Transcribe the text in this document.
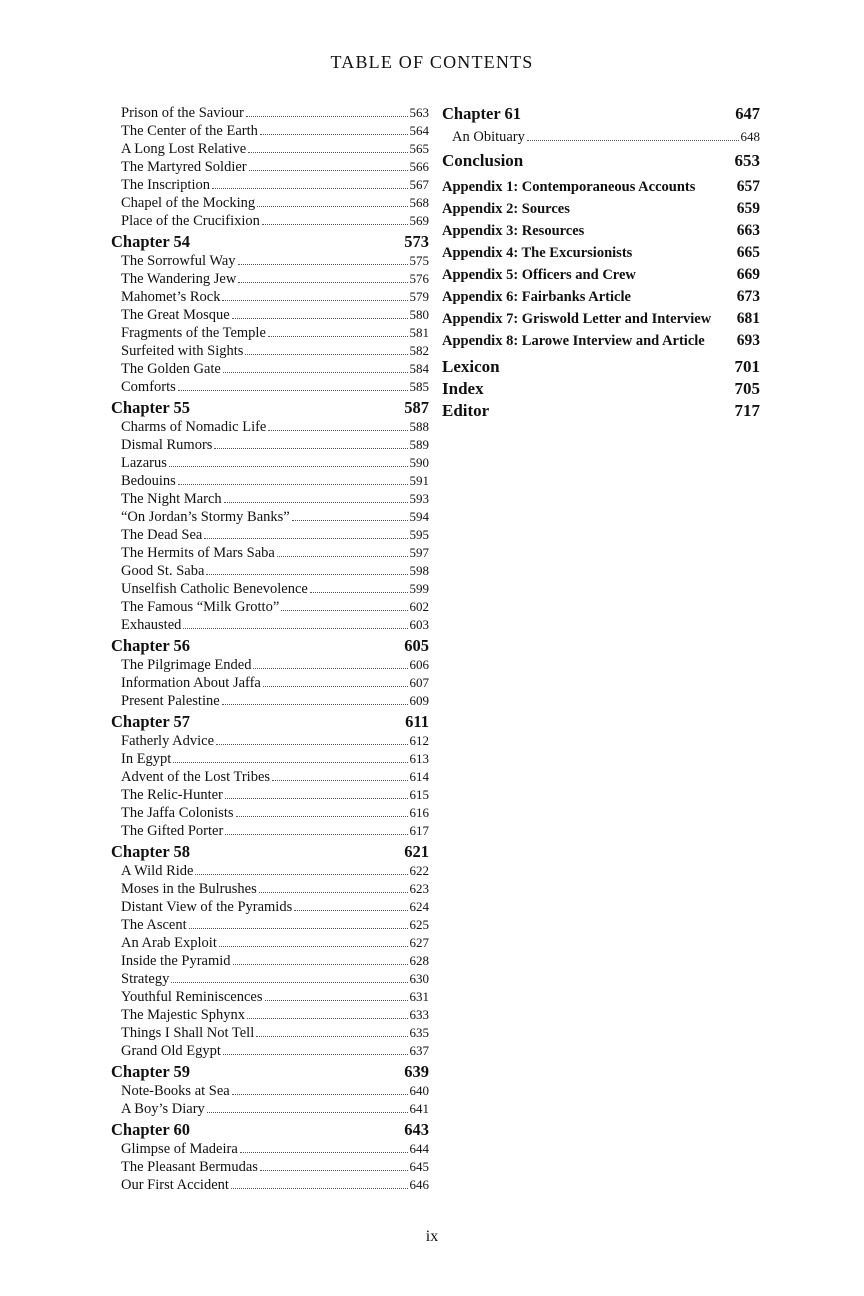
TABLE OF CONTENTS
Prison of the Saviour	563
The Center of the Earth	564
A Long Lost Relative	565
The Martyred Soldier	566
The Inscription	567
Chapel of the Mocking	568
Place of the Crucifixion	569
Chapter 54	573
The Sorrowful Way	575
The Wandering Jew	576
Mahomet’s Rock	579
The Great Mosque	580
Fragments of the Temple	581
Surfeited with Sights	582
The Golden Gate	584
Comforts	585
Chapter 55	587
Charms of Nomadic Life	588
Dismal Rumors	589
Lazarus	590
Bedouins	591
The Night March	593
“On Jordan’s Stormy Banks”	594
The Dead Sea	595
The Hermits of Mars Saba	597
Good St. Saba	598
Unselfish Catholic Benevolence	599
The Famous “Milk Grotto”	602
Exhausted	603
Chapter 56	605
The Pilgrimage Ended	606
Information About Jaffa	607
Present Palestine	609
Chapter 57	611
Fatherly Advice	612
In Egypt	613
Advent of the Lost Tribes	614
The Relic-Hunter	615
The Jaffa Colonists	616
The Gifted Porter	617
Chapter 58	621
A Wild Ride	622
Moses in the Bulrushes	623
Distant View of the Pyramids	624
The Ascent	625
An Arab Exploit	627
Inside the Pyramid	628
Strategy	630
Youthful Reminiscences	631
The Majestic Sphynx	633
Things I Shall Not Tell	635
Grand Old Egypt	637
Chapter 59	639
Note-Books at Sea	640
A Boy’s Diary	641
Chapter 60	643
Glimpse of Madeira	644
The Pleasant Bermudas	645
Our First Accident	646
Chapter 61	647
An Obituary	648
Conclusion	653
Appendix 1: Contemporaneous Accounts	657
Appendix 2: Sources	659
Appendix 3: Resources	663
Appendix 4: The Excursionists	665
Appendix 5: Officers and Crew	669
Appendix 6: Fairbanks Article	673
Appendix 7: Griswold Letter and Interview 681
Appendix 8: Larowe Interview and Article 693
Lexicon	701
Index	705
Editor	717
ix
